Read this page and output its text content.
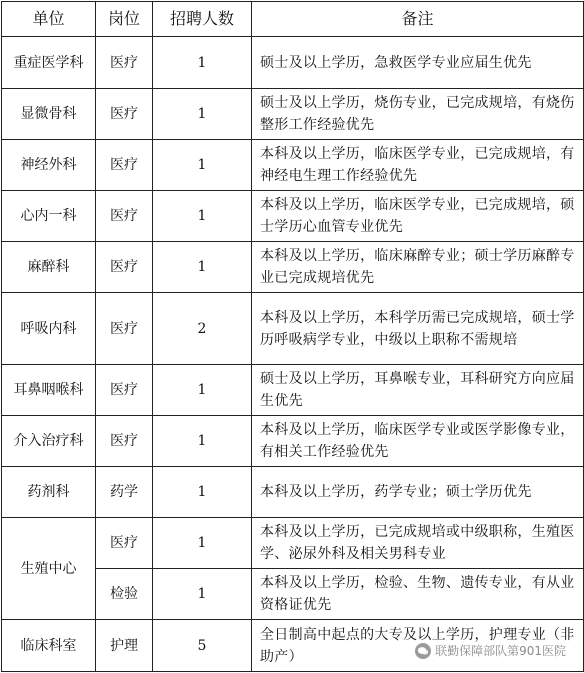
单位	岗位	招聘人数	备注
重症医学科	医疗	1	硕士及以上学历，急救医学专业应届生优先
显微骨科	医疗	1	硕士及以上学历，烧伤专业，已完成规培，有烧伤整形工作经验优先
神经外科	医疗	1	本科及以上学历，临床医学专业，已完成规培，有神经电生理工作经验优先
心内一科	医疗	1	本科及以上学历，临床医学专业，已完成规培，硕士学历心血管专业优先
麻醉科	医疗	1	本科及以上学历，临床麻醉专业；硕士学历麻醉专业已完成规培优先
呼吸内科	医疗	2	本科及以上学历，本科学历需已完成规培，硕士学历呼吸病学专业，中级以上职称不需规培
耳鼻咽喉科	医疗	1	硕士及以上学历，耳鼻喉专业，耳科研究方向应届生优先
介入治疗科	医疗	1	本科及以上学历，临床医学专业或医学影像专业，有相关工作经验优先
药剂科	药学	1	本科及以上学历，药学专业；硕士学历优先
生殖中心	医疗	1	本科及以上学历，已完成规培或中级职称，生殖医学、泌尿外科及相关男科专业
	检验	1	本科及以上学历，检验、生物、遗传专业，有从业资格证优先
临床科室	护理	5	全日制高中起点的大专及以上学历，护理专业（非助产）	联勤保障部队第901医院
